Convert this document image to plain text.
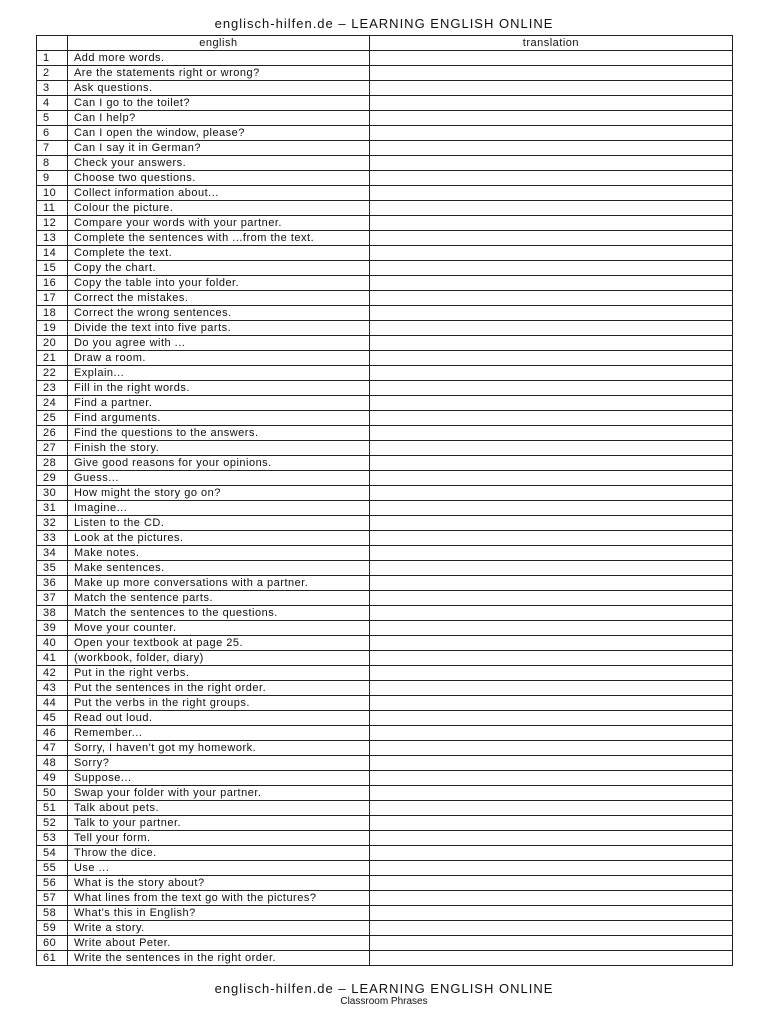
englisch-hilfen.de – LEARNING ENGLISH ONLINE
	english	translation
1	Add more words.	
2	Are the statements right or wrong?	
3	Ask questions.	
4	Can I go to the toilet?	
5	Can I help?	
6	Can I open the window, please?	
7	Can I say it in German?	
8	Check your answers.	
9	Choose two questions.	
10	Collect information about...	
11	Colour the picture.	
12	Compare your words with your partner.	
13	Complete the sentences with ...from the text.	
14	Complete the text.	
15	Copy the chart.	
16	Copy the table into your folder.	
17	Correct the mistakes.	
18	Correct the wrong sentences.	
19	Divide the text into five parts.	
20	Do you agree with ...	
21	Draw a room.	
22	Explain...	
23	Fill in the right words.	
24	Find a partner.	
25	Find arguments.	
26	Find the questions to the answers.	
27	Finish the story.	
28	Give good reasons for your opinions.	
29	Guess...	
30	How might the story go on?	
31	Imagine...	
32	Listen to the CD.	
33	Look at the pictures.	
34	Make notes.	
35	Make sentences.	
36	Make up more conversations with a partner.	
37	Match the sentence parts.	
38	Match the sentences to the questions.	
39	Move your counter.	
40	Open your textbook at page 25.	
41	(workbook, folder, diary)	
42	Put in the right verbs.	
43	Put the sentences in the right order.	
44	Put the verbs in the right groups.	
45	Read out loud.	
46	Remember...	
47	Sorry, I haven't got my homework.	
48	Sorry?	
49	Suppose...	
50	Swap your folder with your partner.	
51	Talk about pets.	
52	Talk to your partner.	
53	Tell your form.	
54	Throw the dice.	
55	Use ...	
56	What is the story about?	
57	What lines from the text go with the pictures?	
58	What's this in English?	
59	Write a story.	
60	Write about Peter.	
61	Write the sentences in the right order.	
englisch-hilfen.de – LEARNING ENGLISH ONLINE
Classroom Phrases
